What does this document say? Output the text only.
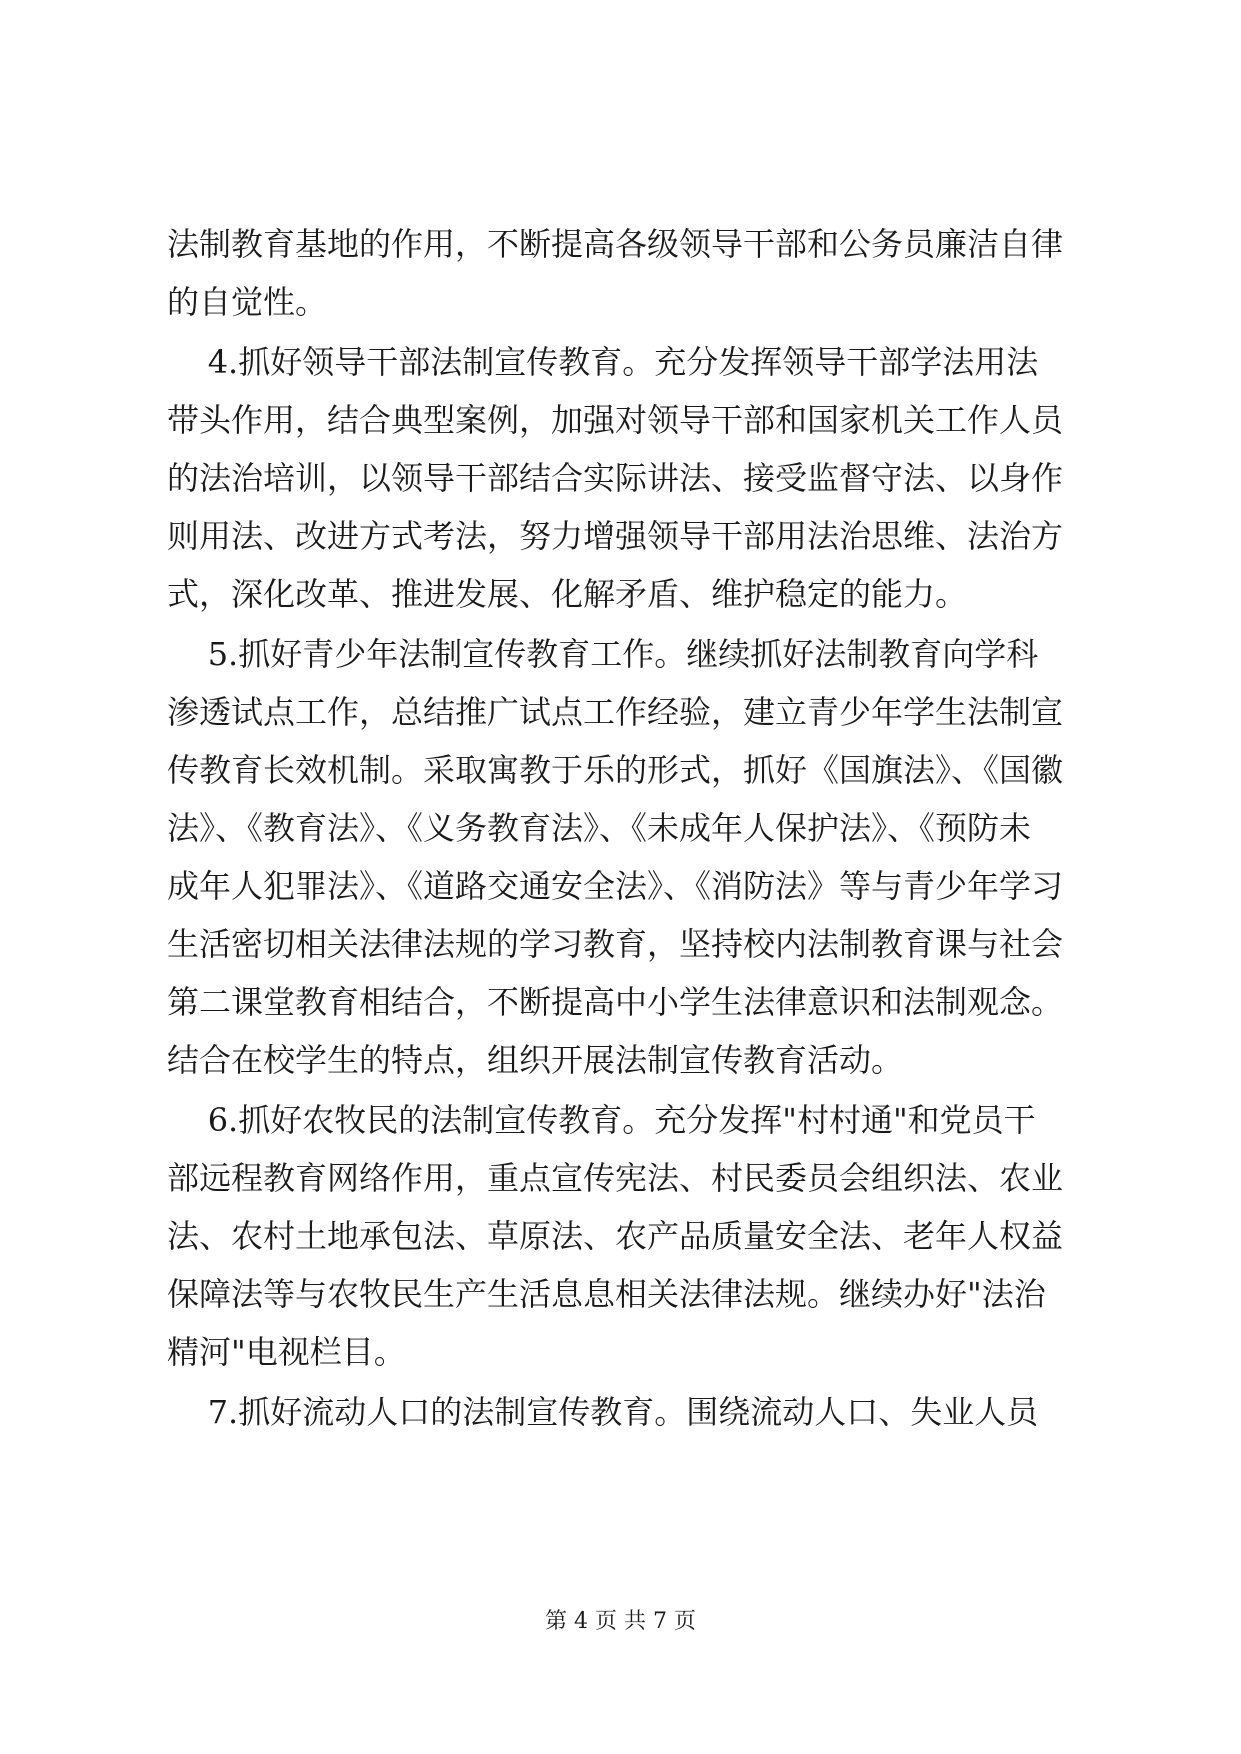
法制教育基地的作用，不断提高各级领导干部和公务员廉洁自律
的自觉性。
4.抓好领导干部法制宣传教育。充分发挥领导干部学法用法
带头作用，结合典型案例，加强对领导干部和国家机关工作人员
的法治培训，以领导干部结合实际讲法、接受监督守法、以身作
则用法、改进方式考法，努力增强领导干部用法治思维、法治方
式，深化改革、推进发展、化解矛盾、维护稳定的能力。
5.抓好青少年法制宣传教育工作。继续抓好法制教育向学科
渗透试点工作，总结推广试点工作经验，建立青少年学生法制宣
传教育长效机制。采取寓教于乐的形式，抓好《国旗法》、《国徽
法》、《教育法》、《义务教育法》、《未成年人保护法》、《预防未
成年人犯罪法》、《道路交通安全法》、《消防法》等与青少年学习
生活密切相关法律法规的学习教育，坚持校内法制教育课与社会
第二课堂教育相结合，不断提高中小学生法律意识和法制观念。
结合在校学生的特点，组织开展法制宣传教育活动。
6.抓好农牧民的法制宣传教育。充分发挥"村村通"和党员干
部远程教育网络作用，重点宣传宪法、村民委员会组织法、农业
法、农村土地承包法、草原法、农产品质量安全法、老年人权益
保障法等与农牧民生产生活息息相关法律法规。继续办好"法治
精河"电视栏目。
7.抓好流动人口的法制宣传教育。围绕流动人口、失业人员
第 4 页 共 7 页
